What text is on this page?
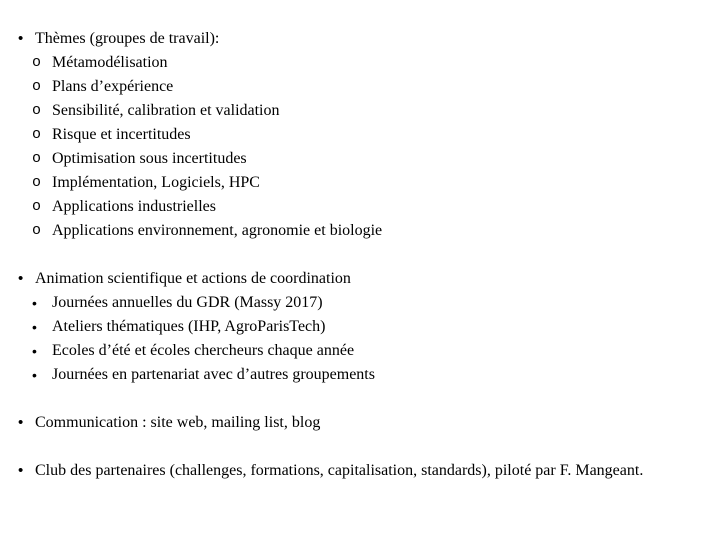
• Thèmes (groupes de travail):
o Métamodélisation
o Plans d’expérience
o Sensibilité, calibration et validation
o Risque et incertitudes
o Optimisation sous incertitudes
o Implémentation, Logiciels, HPC
o Applications industrielles
o Applications environnement, agronomie et biologie
• Animation scientifique et actions de coordination
• Journées annuelles du GDR (Massy 2017)
• Ateliers thématiques (IHP, AgroParisTech)
• Ecoles d’été et écoles chercheurs chaque année
• Journées en partenariat avec d’autres groupements
• Communication : site web, mailing list, blog
• Club des partenaires (challenges, formations, capitalisation, standards), piloté par F. Mangeant.
